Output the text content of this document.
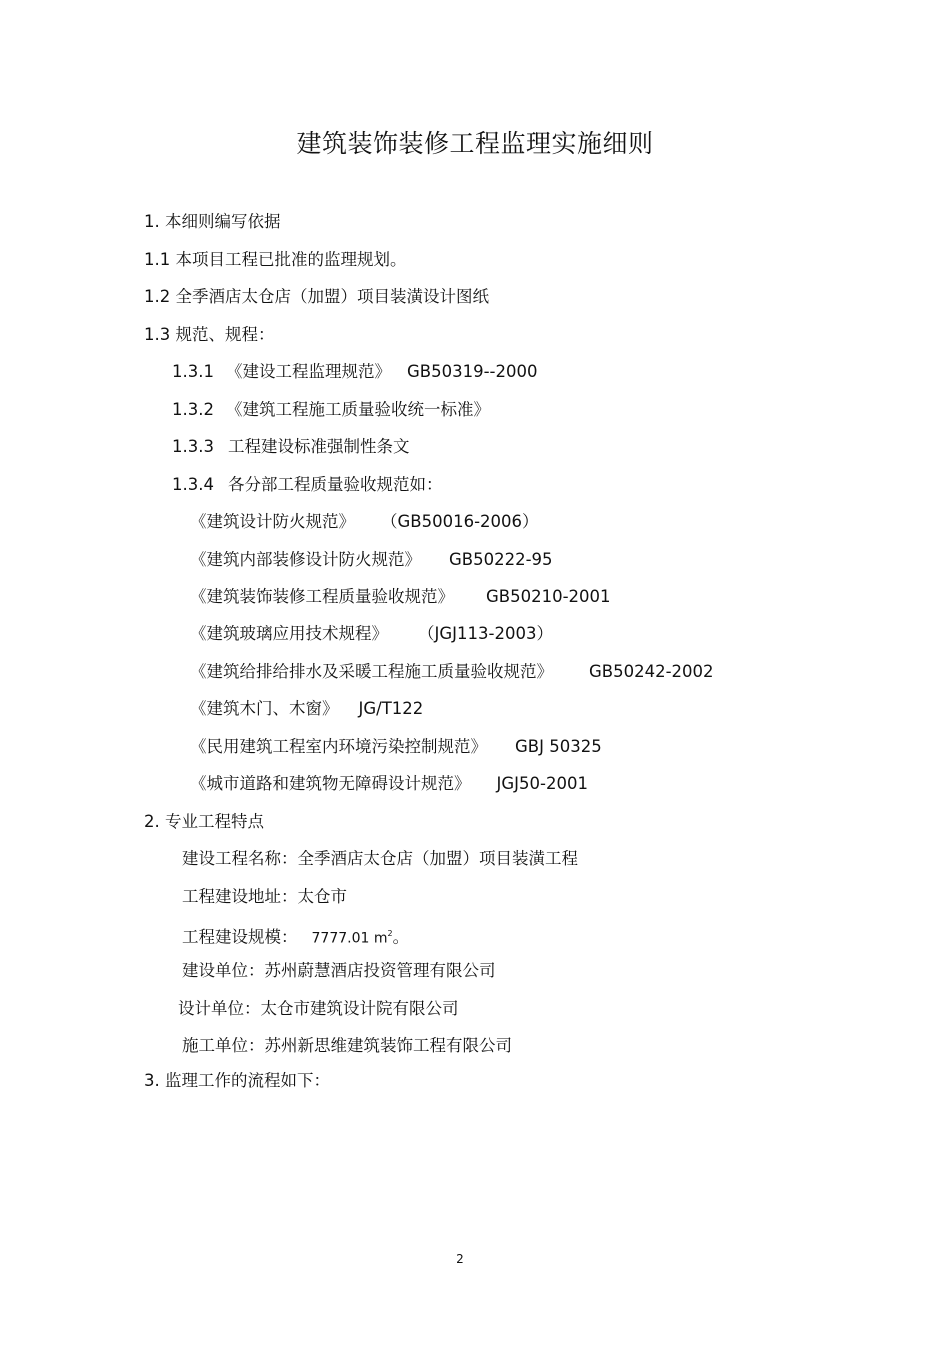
建筑装饰装修工程监理实施细则
1. 本细则编写依据
1.1 本项目工程已批准的监理规划。
1.2 全季酒店太仓店（加盟）项目装潢设计图纸
1.3 规范、规程：
1.3.1 《建设工程监理规范》 GB50319--2000
1.3.2 《建筑工程施工质量验收统一标准》
1.3.3 工程建设标准强制性条文
1.3.4 各分部工程质量验收规范如：
《建筑设计防火规范》 （GB50016-2006）
《建筑内部装修设计防火规范》 GB50222-95
《建筑装饰装修工程质量验收规范》 GB50210-2001
《建筑玻璃应用技术规程》 （JGJ113-2003）
《建筑给排给排水及采暖工程施工质量验收规范》 GB50242-2002
《建筑木门、木窗》 JG/T122
《民用建筑工程室内环境污染控制规范》 GBJ 50325
《城市道路和建筑物无障碍设计规范》 JGJ50-2001
2. 专业工程特点
建设工程名称：全季酒店太仓店（加盟）项目装潢工程
工程建设地址：太仓市
工程建设规模： 7777.01 $m^2$。
建设单位：苏州蔚慧酒店投资管理有限公司
设计单位：太仓市建筑设计院有限公司
施工单位：苏州新思维建筑装饰工程有限公司
3. 监理工作的流程如下：
2
